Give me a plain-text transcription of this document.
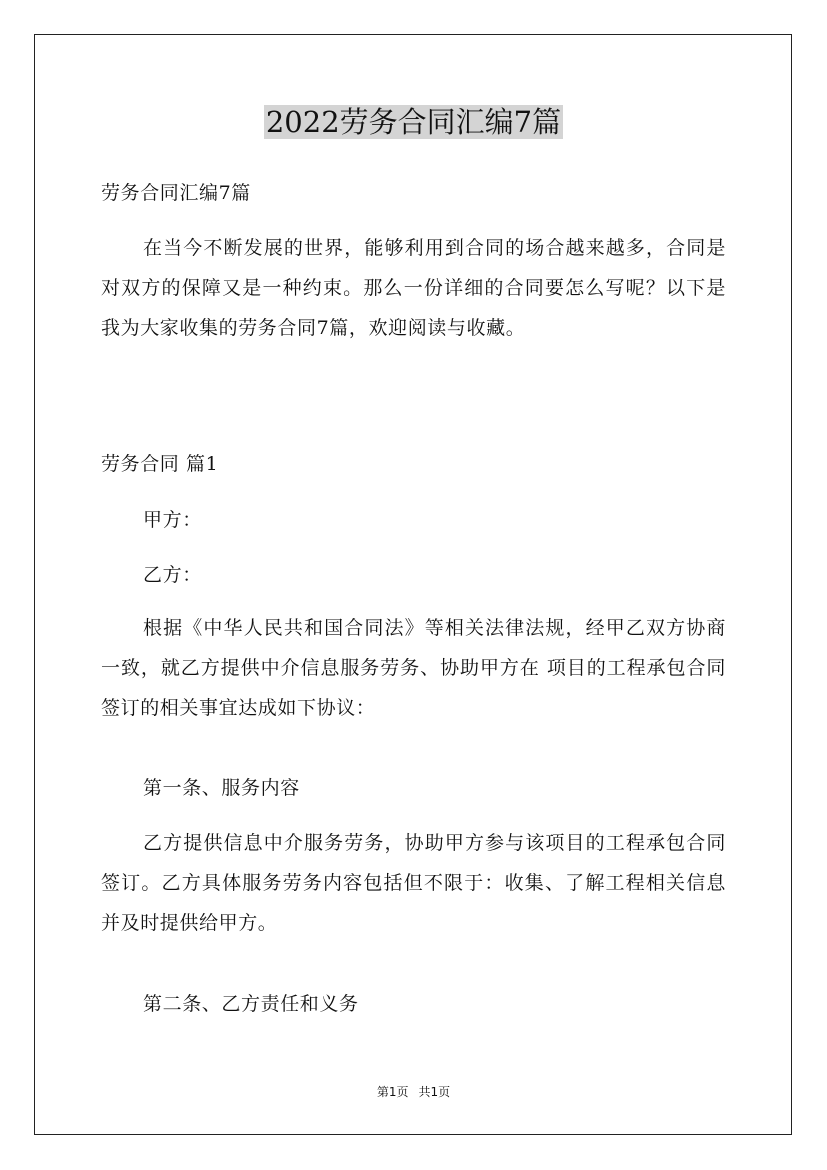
2022劳务合同汇编7篇

劳务合同汇编7篇

在当今不断发展的世界，能够利用到合同的场合越来越多，合同是对双方的保障又是一种约束。那么一份详细的合同要怎么写呢？以下是我为大家收集的劳务合同7篇，欢迎阅读与收藏。

劳务合同 篇1

甲方：

乙方：

根据《中华人民共和国合同法》等相关法律法规，经甲乙双方协商一致，就乙方提供中介信息服务劳务、协助甲方在 项目的工程承包合同签订的相关事宜达成如下协议：

第一条、服务内容

乙方提供信息中介服务劳务，协助甲方参与该项目的工程承包合同签订。乙方具体服务劳务内容包括但不限于：收集、了解工程相关信息并及时提供给甲方。

第二条、乙方责任和义务

第1页 共1页
